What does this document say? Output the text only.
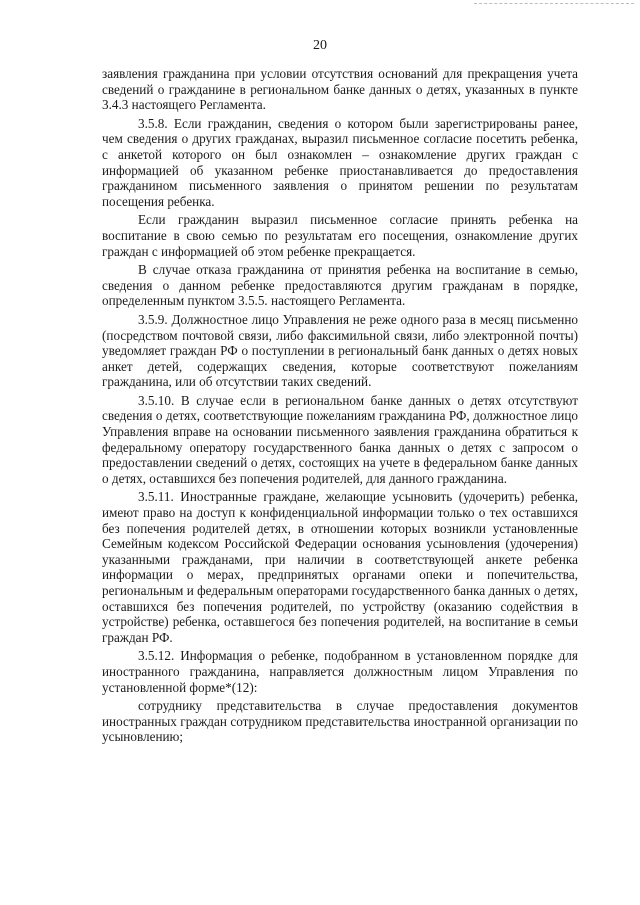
20

заявления гражданина при условии отсутствия оснований для прекращения учета сведений о гражданине в региональном банке данных о детях, указанных в пункте 3.4.3 настоящего Регламента.

3.5.8. Если гражданин, сведения о котором были зарегистрированы ранее, чем сведения о других гражданах, выразил письменное согласие посетить ребенка, с анкетой которого он был ознакомлен – ознакомление других граждан с информацией об указанном ребенке приостанавливается до предоставления гражданином письменного заявления о принятом решении по результатам посещения ребенка.

Если гражданин выразил письменное согласие принять ребенка на воспитание в свою семью по результатам его посещения, ознакомление других граждан с информацией об этом ребенке прекращается.

В случае отказа гражданина от принятия ребенка на воспитание в семью, сведения о данном ребенке предоставляются другим гражданам в порядке, определенным пунктом 3.5.5. настоящего Регламента.

3.5.9. Должностное лицо Управления не реже одного раза в месяц письменно (посредством почтовой связи, либо факсимильной связи, либо электронной почты) уведомляет граждан РФ о поступлении в региональный банк данных о детях новых анкет детей, содержащих сведения, которые соответствуют пожеланиям гражданина, или об отсутствии таких сведений.

3.5.10. В случае если в региональном банке данных о детях отсутствуют сведения о детях, соответствующие пожеланиям гражданина РФ, должностное лицо Управления вправе на основании письменного заявления гражданина обратиться к федеральному оператору государственного банка данных о детях с запросом о предоставлении сведений о детях, состоящих на учете в федеральном банке данных о детях, оставшихся без попечения родителей, для данного гражданина.

3.5.11. Иностранные граждане, желающие усыновить (удочерить) ребенка, имеют право на доступ к конфиденциальной информации только о тех оставшихся без попечения родителей детях, в отношении которых возникли установленные Семейным кодексом Российской Федерации основания усыновления (удочерения) указанными гражданами, при наличии в соответствующей анкете ребенка информации о мерах, предпринятых органами опеки и попечительства, региональным и федеральным операторами государственного банка данных о детях, оставшихся без попечения родителей, по устройству (оказанию содействия в устройстве) ребенка, оставшегося без попечения родителей, на воспитание в семьи граждан РФ.

3.5.12. Информация о ребенке, подобранном в установленном порядке для иностранного гражданина, направляется должностным лицом Управления по установленной форме*(12):

сотруднику представительства в случае предоставления документов иностранных граждан сотрудником представительства иностранной организации по усыновлению;
